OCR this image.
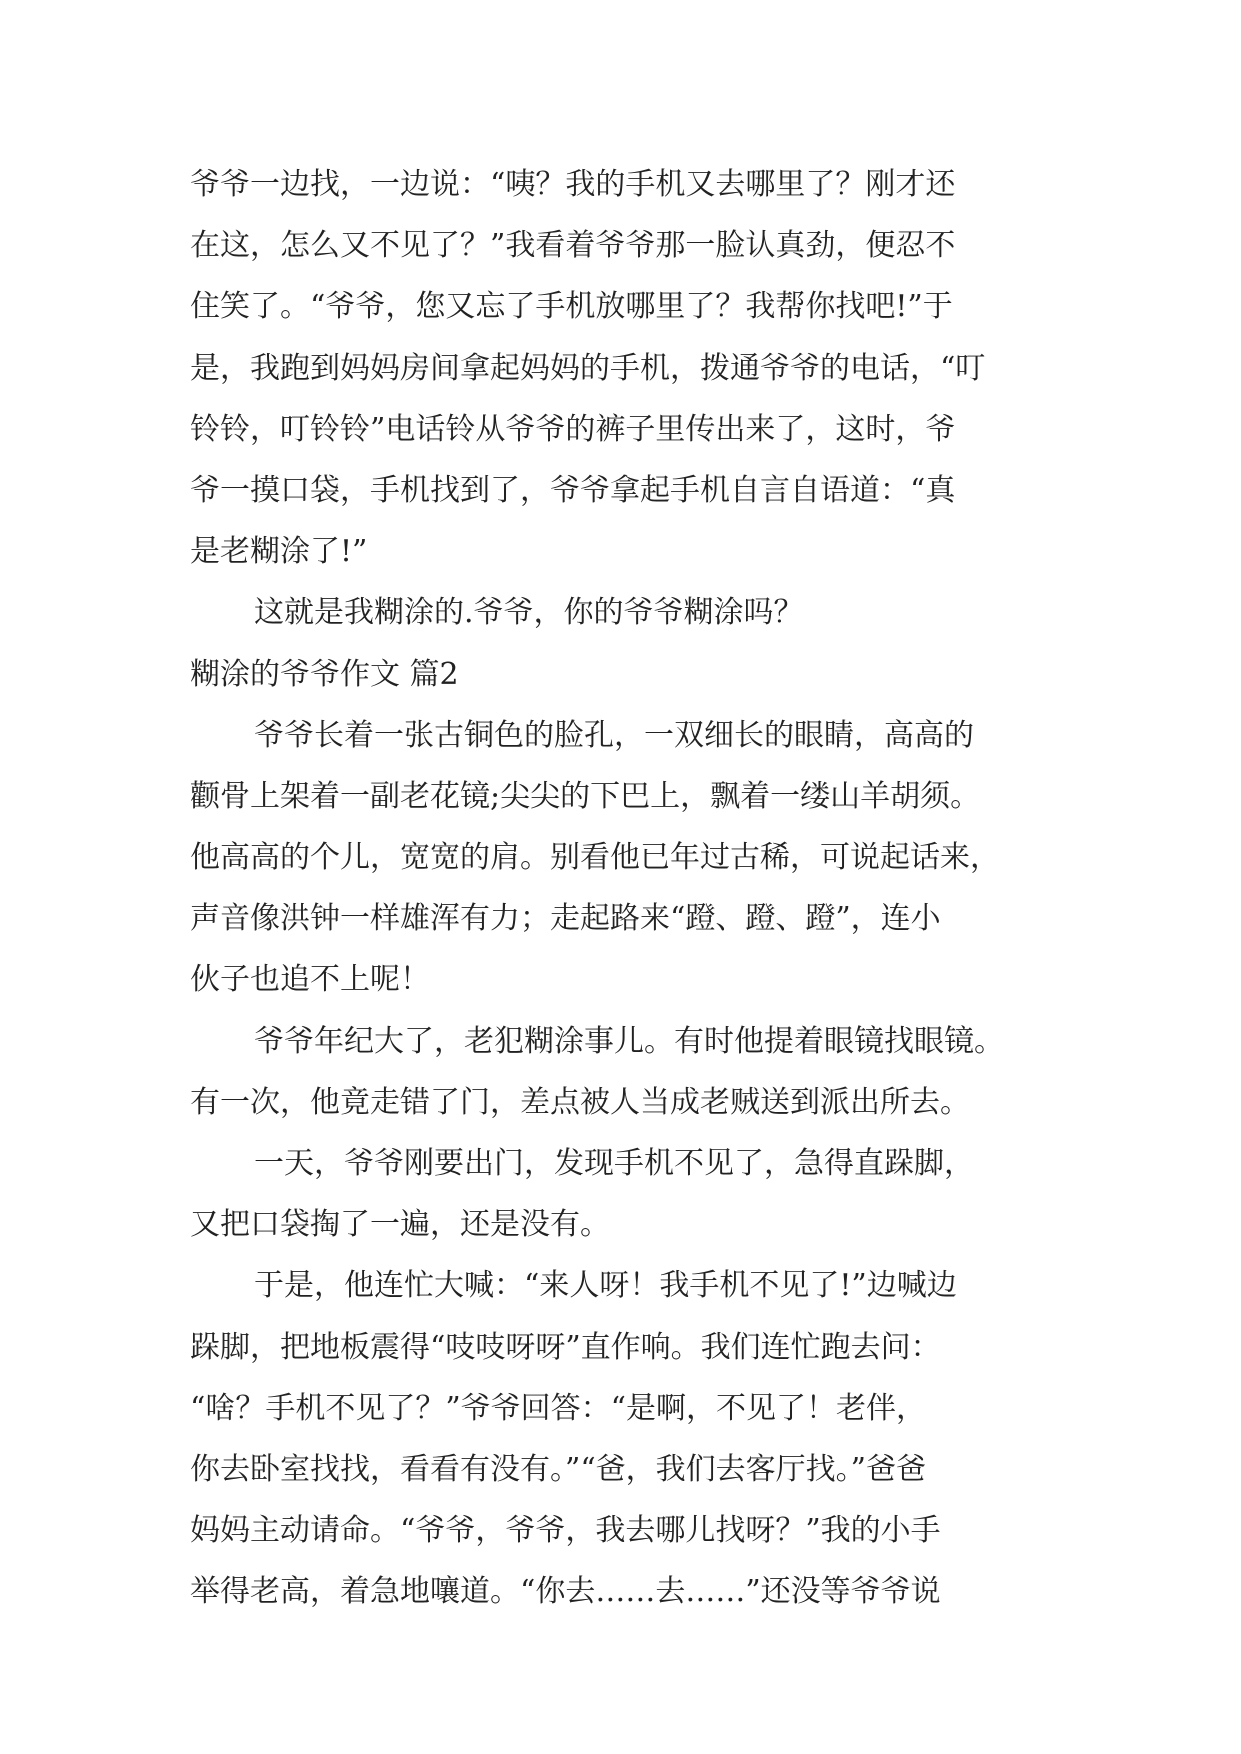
爷爷一边找，一边说：“咦？我的手机又去哪里了？刚才还
在这，怎么又不见了？”我看着爷爷那一脸认真劲，便忍不
住笑了。“爷爷，您又忘了手机放哪里了？我帮你找吧!”于
是，我跑到妈妈房间拿起妈妈的手机，拨通爷爷的电话，“叮
铃铃，叮铃铃”电话铃从爷爷的裤子里传出来了，这时，爷
爷一摸口袋，手机找到了，爷爷拿起手机自言自语道：“真
是老糊涂了!”
这就是我糊涂的.爷爷，你的爷爷糊涂吗？
糊涂的爷爷作文 篇2
爷爷长着一张古铜色的脸孔，一双细长的眼睛，高高的
颧骨上架着一副老花镜;尖尖的下巴上，飘着一缕山羊胡须。
他高高的个儿，宽宽的肩。别看他已年过古稀，可说起话来，
声音像洪钟一样雄浑有力；走起路来“蹬、蹬、蹬”，连小
伙子也追不上呢！
爷爷年纪大了，老犯糊涂事儿。有时他提着眼镜找眼镜。
有一次，他竟走错了门，差点被人当成老贼送到派出所去。
一天，爷爷刚要出门，发现手机不见了，急得直跺脚，
又把口袋掏了一遍，还是没有。
于是，他连忙大喊：“来人呀！我手机不见了!”边喊边
跺脚，把地板震得“吱吱呀呀”直作响。我们连忙跑去问：
“啥？手机不见了？”爷爷回答：“是啊，不见了！老伴，
你去卧室找找，看看有没有。”“爸，我们去客厅找。”爸爸
妈妈主动请命。“爷爷，爷爷，我去哪儿找呀？”我的小手
举得老高，着急地嚷道。“你去……去……”还没等爷爷说
